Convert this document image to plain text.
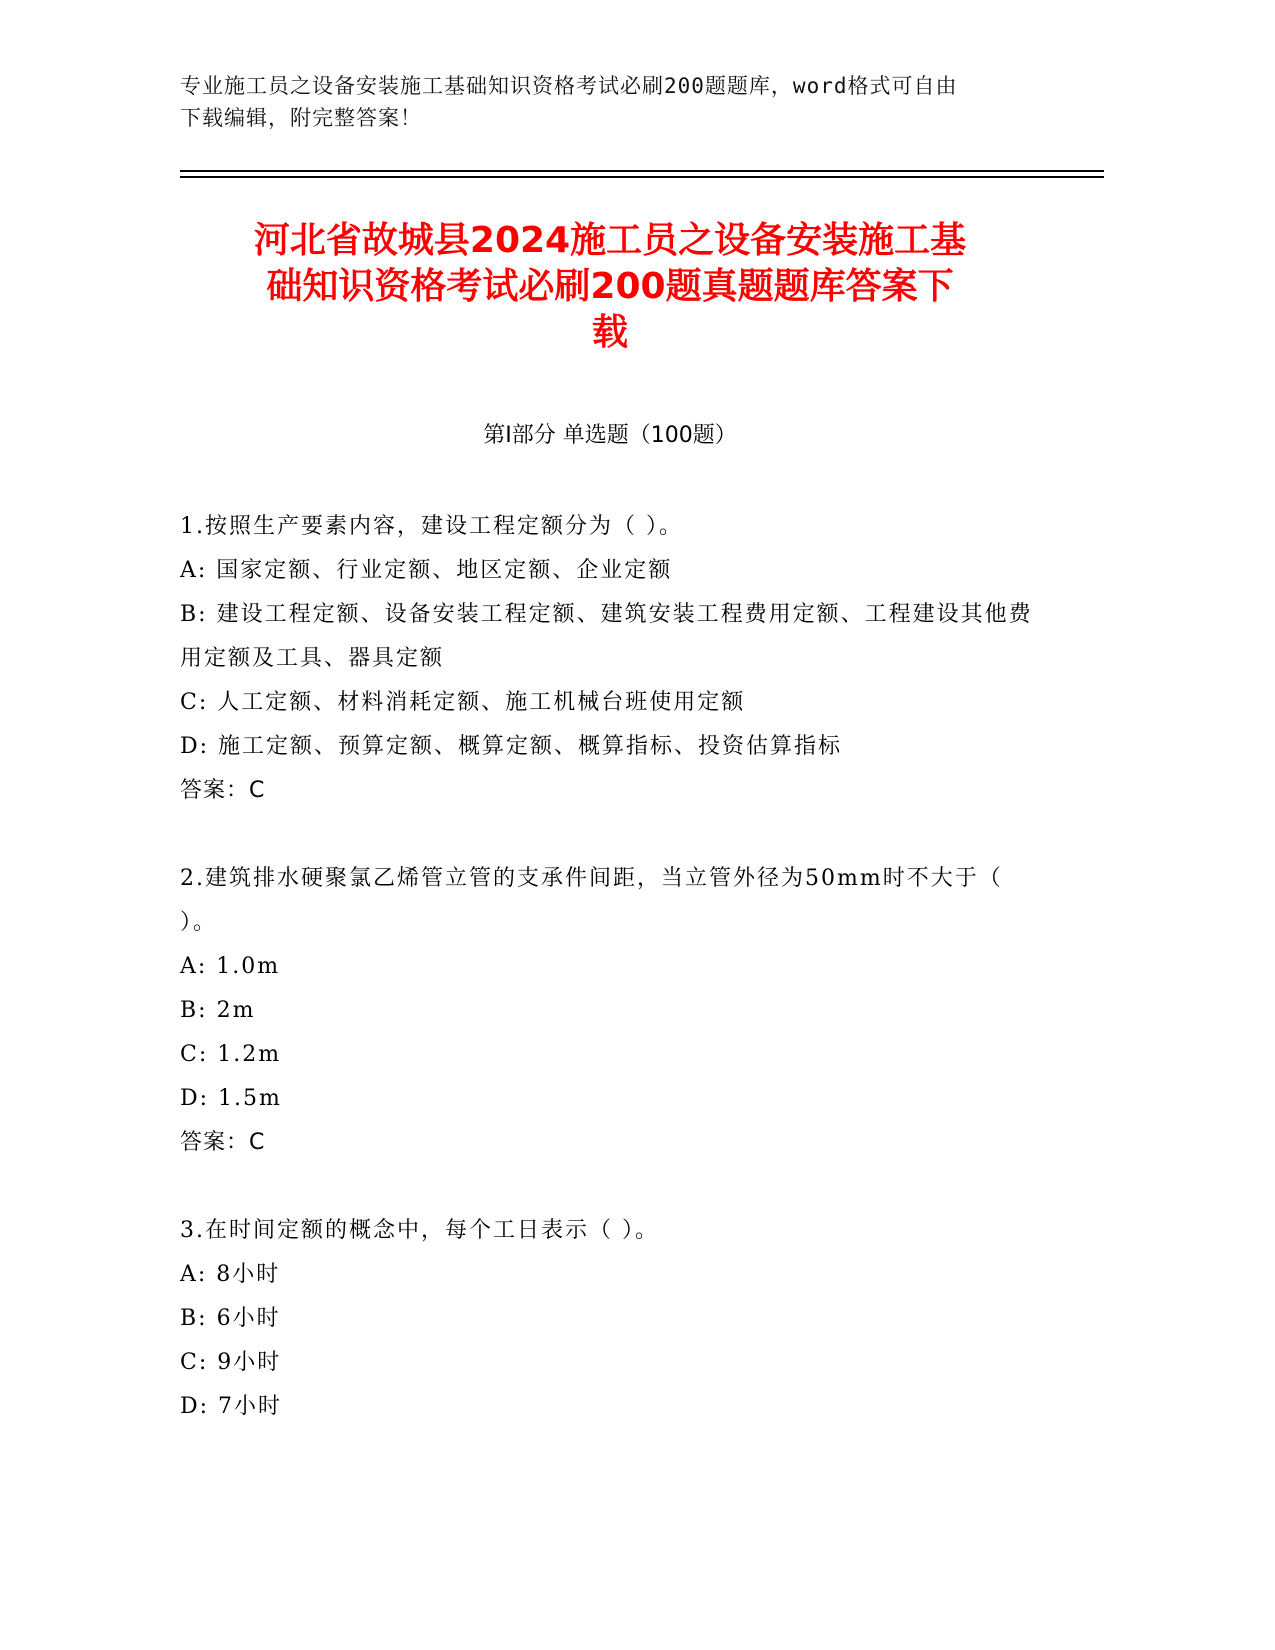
专业施工员之设备安装施工基础知识资格考试必刷200题题库，word格式可自由
下载编辑，附完整答案！
河北省故城县2024施工员之设备安装施工基
础知识资格考试必刷200题真题题库答案下
载
第Ⅰ部分 单选题（100题）

1.按照生产要素内容，建设工程定额分为（ ）。

A: 国家定额、行业定额、地区定额、企业定额

B: 建设工程定额、设备安装工程定额、建筑安装工程费用定额、工程建设其他费用定额及工具、器具定额

C: 人工定额、材料消耗定额、施工机械台班使用定额

D: 施工定额、预算定额、概算定额、概算指标、投资估算指标

答案：C

2.建筑排水硬聚氯乙烯管立管的支承件间距，当立管外径为50mm时不大于（ ）。

A: 1.0m

B: 2m

C: 1.2m

D: 1.5m

答案：C

3.在时间定额的概念中，每个工日表示（ ）。

A: 8小时

B: 6小时

C: 9小时

D: 7小时
